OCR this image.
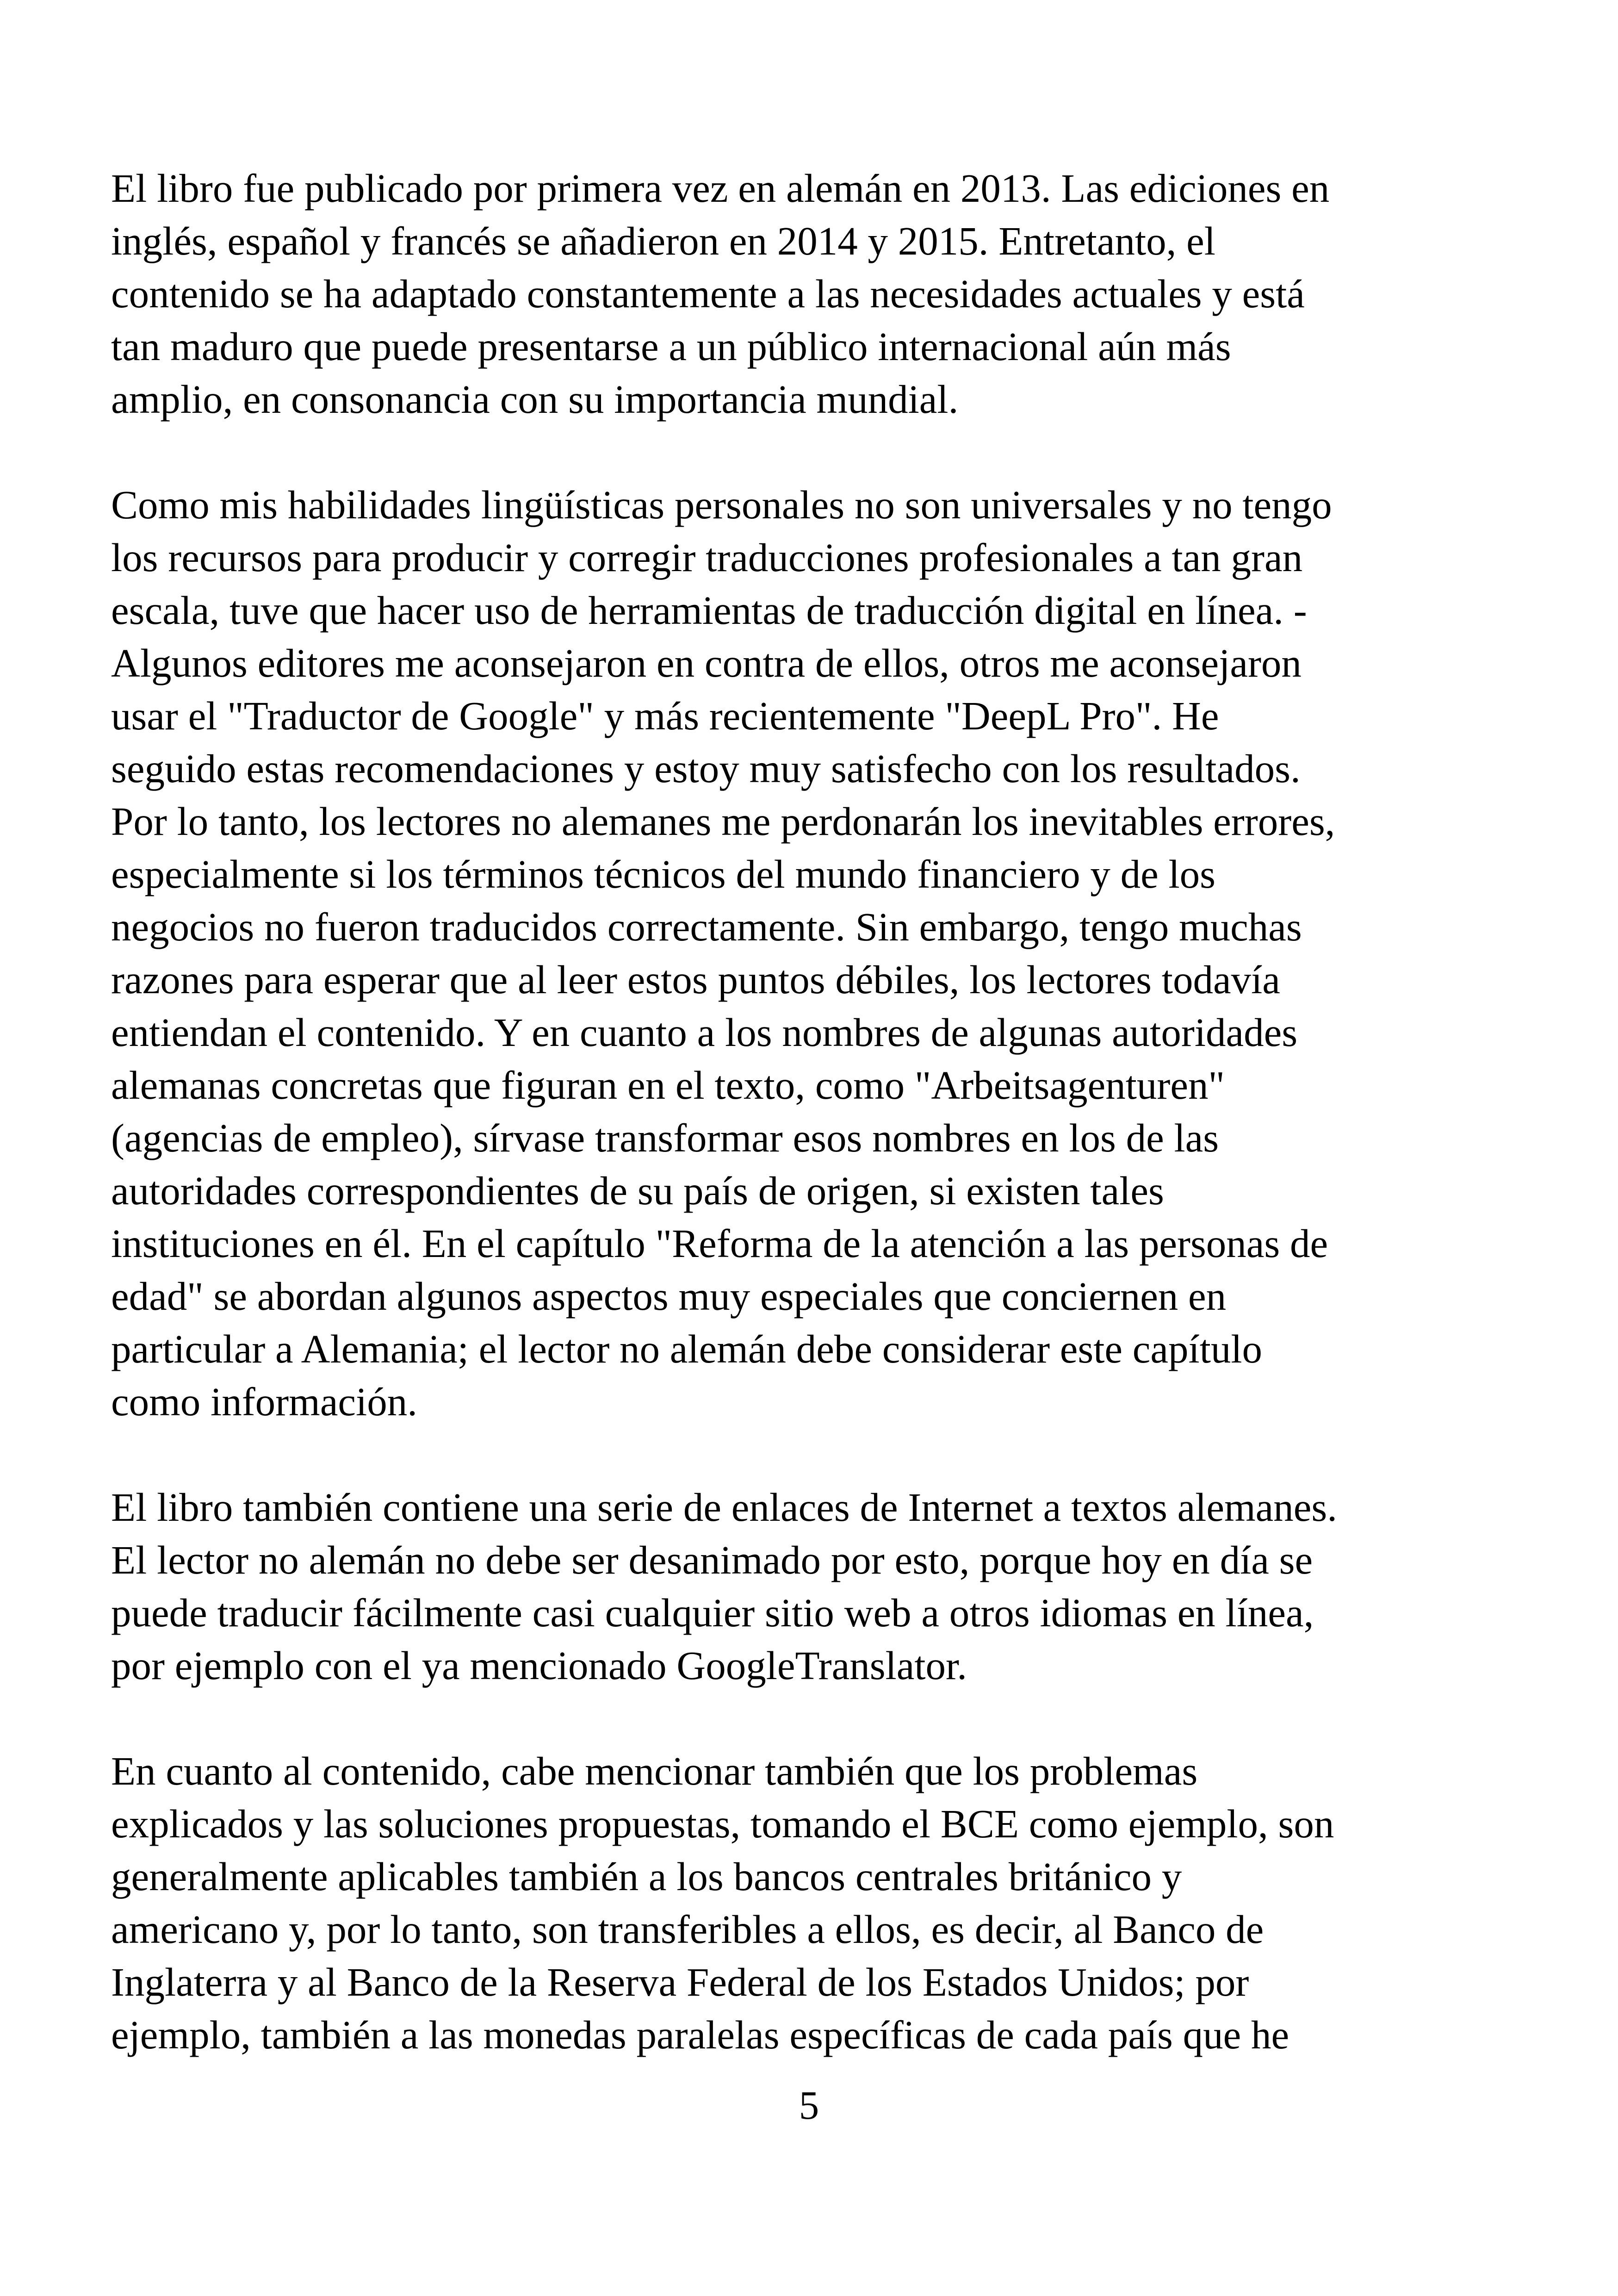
El libro fue publicado por primera vez en alemán en 2013. Las ediciones en
inglés, español y francés se añadieron en 2014 y 2015. Entretanto, el
contenido se ha adaptado constantemente a las necesidades actuales y está
tan maduro que puede presentarse a un público internacional aún más
amplio, en consonancia con su importancia mundial.
Como mis habilidades lingüísticas personales no son universales y no tengo
los recursos para producir y corregir traducciones profesionales a tan gran
escala, tuve que hacer uso de herramientas de traducción digital en línea. -
Algunos editores me aconsejaron en contra de ellos, otros me aconsejaron
usar el "Traductor de Google" y más recientemente "DeepL Pro". He
seguido estas recomendaciones y estoy muy satisfecho con los resultados.
Por lo tanto, los lectores no alemanes me perdonarán los inevitables errores,
especialmente si los términos técnicos del mundo financiero y de los
negocios no fueron traducidos correctamente. Sin embargo, tengo muchas
razones para esperar que al leer estos puntos débiles, los lectores todavía
entiendan el contenido. Y en cuanto a los nombres de algunas autoridades
alemanas concretas que figuran en el texto, como "Arbeitsagenturen"
(agencias de empleo), sírvase transformar esos nombres en los de las
autoridades correspondientes de su país de origen, si existen tales
instituciones en él. En el capítulo "Reforma de la atención a las personas de
edad" se abordan algunos aspectos muy especiales que conciernen en
particular a Alemania; el lector no alemán debe considerar este capítulo
como información.
El libro también contiene una serie de enlaces de Internet a textos alemanes.
El lector no alemán no debe ser desanimado por esto, porque hoy en día se
puede traducir fácilmente casi cualquier sitio web a otros idiomas en línea,
por ejemplo con el ya mencionado GoogleTranslator.
En cuanto al contenido, cabe mencionar también que los problemas
explicados y las soluciones propuestas, tomando el BCE como ejemplo, son
generalmente aplicables también a los bancos centrales británico y
americano y, por lo tanto, son transferibles a ellos, es decir, al Banco de
Inglaterra y al Banco de la Reserva Federal de los Estados Unidos; por
ejemplo, también a las monedas paralelas específicas de cada país que he
5
